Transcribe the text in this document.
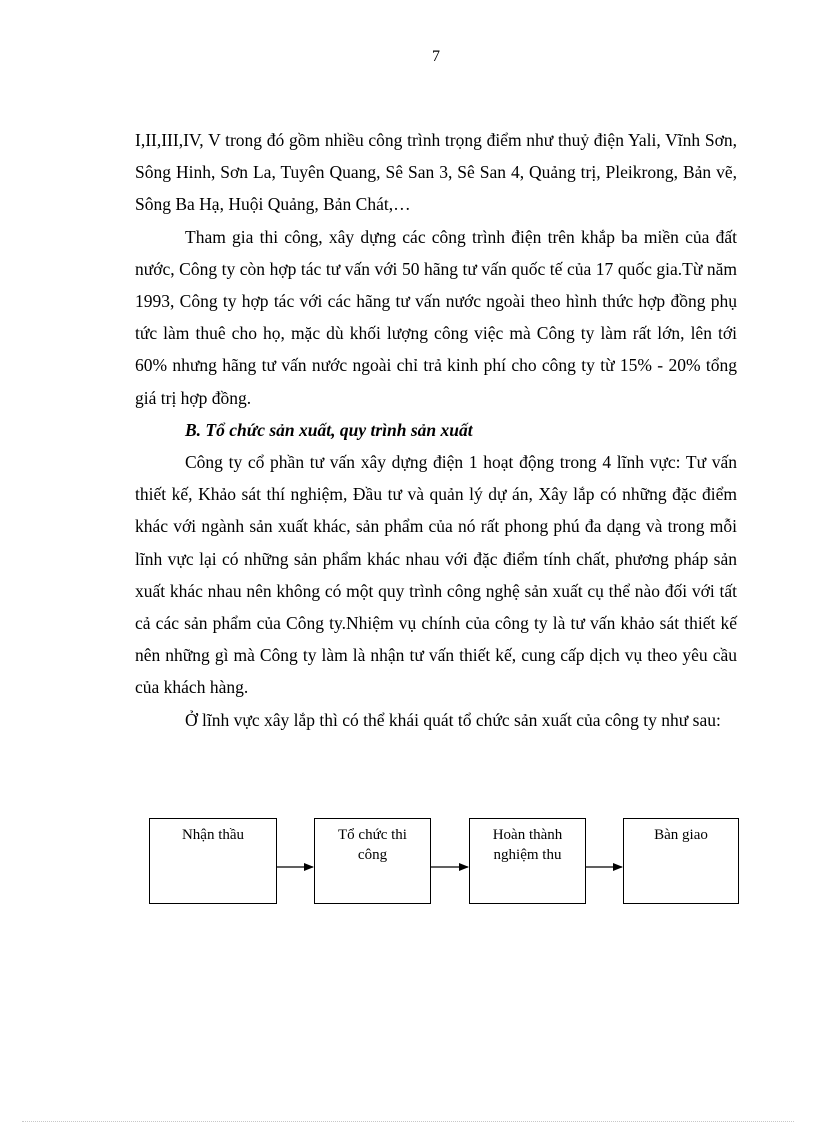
7

I,II,III,IV, V trong đó gồm nhiều công trình trọng điểm như thuỷ điện Yali, Vĩnh Sơn, Sông Hinh, Sơn La, Tuyên Quang, Sê San 3, Sê San 4, Quảng trị, Pleikrong, Bản vẽ, Sông Ba Hạ, Huội Quảng, Bản Chát,…

Tham gia thi công, xây dựng các công trình điện trên khắp ba miền của đất nước, Công ty còn hợp tác tư vấn với 50 hãng tư vấn quốc tế của 17 quốc gia.Từ năm 1993, Công ty hợp tác với các hãng tư vấn nước ngoài theo hình thức hợp đồng phụ tức làm thuê cho họ, mặc dù khối lượng công việc mà Công ty làm rất lớn, lên tới 60% nhưng hãng tư vấn nước ngoài chỉ trả kinh phí cho công ty từ 15% - 20% tổng giá trị hợp đồng.

B. Tổ chức sản xuất, quy trình sản xuất

Công ty cổ phần tư vấn xây dựng điện 1 hoạt động trong 4 lĩnh vực: Tư vấn thiết kế, Khảo sát thí nghiệm, Đầu tư và quản lý dự án, Xây lắp có những đặc điểm khác với ngành sản xuất khác, sản phẩm của nó rất phong phú đa dạng và trong mỗi lĩnh vực lại có những sản phẩm khác nhau với đặc điểm tính chất, phương pháp sản xuất khác nhau nên không có một quy trình công nghệ sản xuất cụ thể nào đối với tất cả các sản phẩm của Công ty.Nhiệm vụ chính của công ty là tư vấn khảo sát thiết kế nên những gì mà Công ty làm là nhận tư vấn thiết kế, cung cấp dịch vụ theo yêu cầu của khách hàng.

Ở lĩnh vực xây lắp thì có thể khái quát tổ chức sản xuất của công ty như sau:

Nhận thầu	Tổ chức thi
công
Hoàn thành
nghiệm thu
Bàn giao
